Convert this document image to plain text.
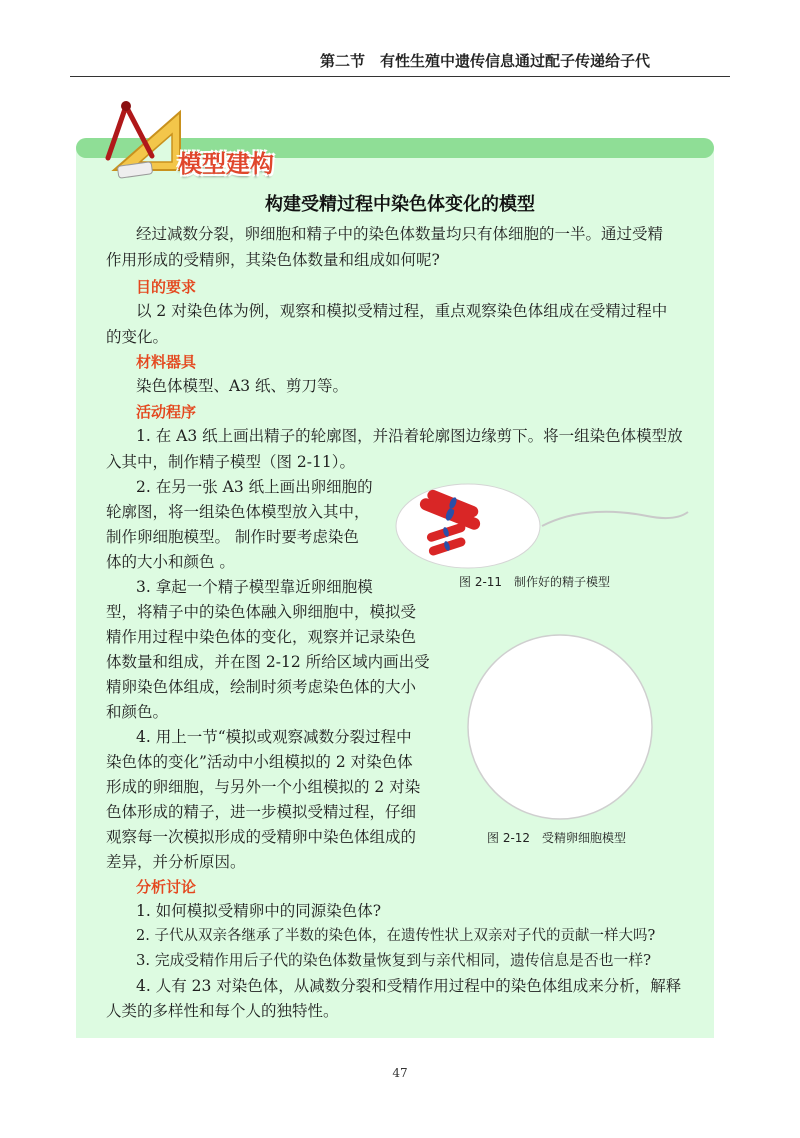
第二节　有性生殖中遗传信息通过配子传递给子代
模型建构
构建受精过程中染色体变化的模型
经过减数分裂，卵细胞和精子中的染色体数量均只有体细胞的一半。通过受精
作用形成的受精卵，其染色体数量和组成如何呢?
目的要求
以 2 对染色体为例，观察和模拟受精过程，重点观察染色体组成在受精过程中
的变化。
材料器具
染色体模型、A3 纸、剪刀等。
活动程序
1. 在 A3 纸上画出精子的轮廓图，并沿着轮廓图边缘剪下。将一组染色体模型放
入其中，制作精子模型（图 2-11）。
2. 在另一张 A3 纸上画出卵细胞的
轮廓图，将一组染色体模型放入其中，
制作卵细胞模型。 制作时要考虑染色
体的大小和颜色 。
3. 拿起一个精子模型靠近卵细胞模
型，将精子中的染色体融入卵细胞中，模拟受
精作用过程中染色体的变化，观察并记录染色
体数量和组成，并在图 2-12 所给区域内画出受
精卵染色体组成，绘制时须考虑染色体的大小
和颜色。
4. 用上一节“模拟或观察减数分裂过程中
染色体的变化”活动中小组模拟的 2 对染色体
形成的卵细胞，与另外一个小组模拟的 2 对染
色体形成的精子，进一步模拟受精过程，仔细
观察每一次模拟形成的受精卵中染色体组成的
差异，并分析原因。
分析讨论
1. 如何模拟受精卵中的同源染色体?
2. 子代从双亲各继承了半数的染色体，在遗传性状上双亲对子代的贡献一样大吗?
3. 完成受精作用后子代的染色体数量恢复到与亲代相同，遗传信息是否也一样?
4. 人有 23 对染色体，从减数分裂和受精作用过程中的染色体组成来分析，解释
人类的多样性和每个人的独特性。
图 2-11　制作好的精子模型
图 2-12　受精卵细胞模型
47
